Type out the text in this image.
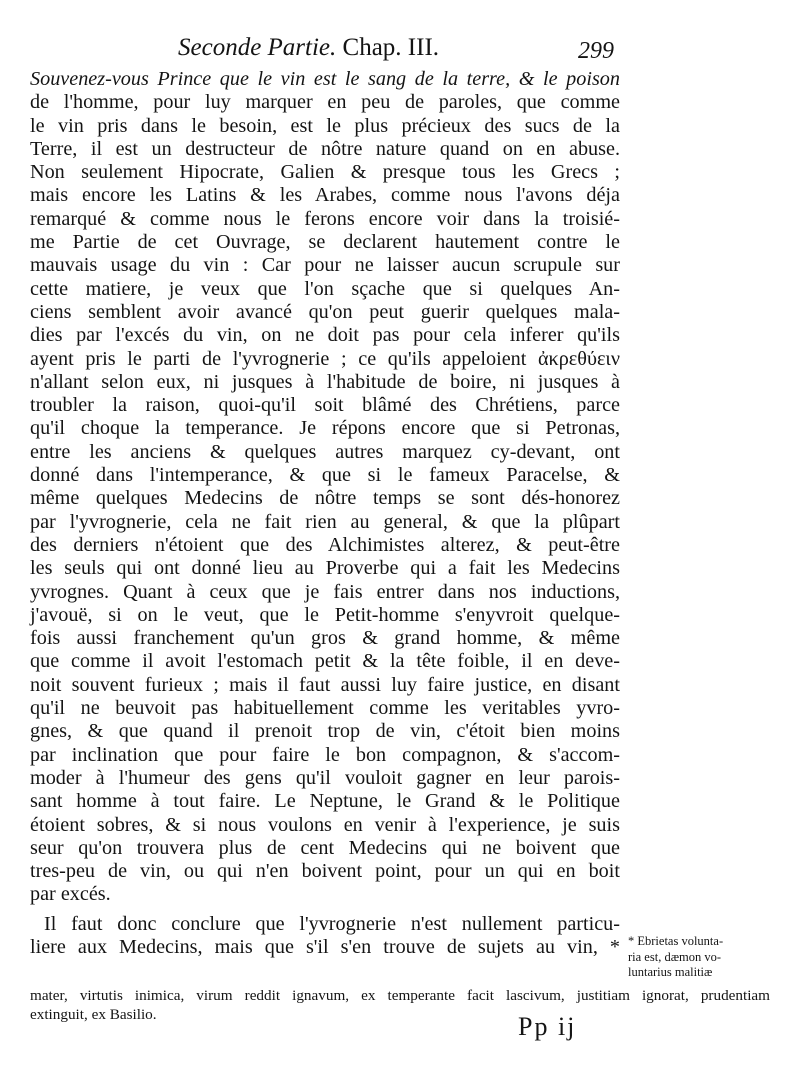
Seconde Partie. Chap. III.	299
Souvenez-vous Prince que le vin est le sang de la terre, & le poison
de l'homme, pour luy marquer en peu de paroles, que comme
le vin pris dans le besoin, est le plus précieux des sucs de la
Terre, il est un destructeur de nôtre nature quand on en abuse.
Non seulement Hipocrate, Galien & presque tous les Grecs ;
mais encore les Latins & les Arabes, comme nous l'avons déja
remarqué & comme nous le ferons encore voir dans la troisié-
me Partie de cet Ouvrage, se declarent hautement contre le
mauvais usage du vin : Car pour ne laisser aucun scrupule sur
cette matiere, je veux que l'on sçache que si quelques An-
ciens semblent avoir avancé qu'on peut guerir quelques mala-
dies par l'excés du vin, on ne doit pas pour cela inferer qu'ils
ayent pris le parti de l'yvrognerie ; ce qu'ils appeloient ἀκρεθύειν
n'allant selon eux, ni jusques à l'habitude de boire, ni jusques à
troubler la raison, quoi-qu'il soit blâmé des Chrétiens, parce
qu'il choque la temperance. Je répons encore que si Petronas,
entre les anciens & quelques autres marquez cy-devant, ont
donné dans l'intemperance, & que si le fameux Paracelse, &
même quelques Medecins de nôtre temps se sont dés-honorez
par l'yvrognerie, cela ne fait rien au general, & que la plûpart
des derniers n'étoient que des Alchimistes alterez, & peut-être
les seuls qui ont donné lieu au Proverbe qui a fait les Medecins
yvrognes. Quant à ceux que je fais entrer dans nos inductions,
j'avouë, si on le veut, que le Petit-homme s'enyvroit quelque-
fois aussi franchement qu'un gros & grand homme, & même
que comme il avoit l'estomach petit & la tête foible, il en deve-
noit souvent furieux ; mais il faut aussi luy faire justice, en disant
qu'il ne beuvoit pas habituellement comme les veritables yvro-
gnes, & que quand il prenoit trop de vin, c'étoit bien moins
par inclination que pour faire le bon compagnon, & s'accom-
moder à l'humeur des gens qu'il vouloit gagner en leur parois-
sant homme à tout faire. Le Neptune, le Grand & le Politique
étoient sobres, & si nous voulons en venir à l'experience, je suis
seur qu'on trouvera plus de cent Medecins qui ne boivent que
tres-peu de vin, ou qui n'en boivent point, pour un qui en boit
par excés.
Il faut donc conclure que l'yvrognerie n'est nullement particu-
liere aux Medecins, mais que s'il s'en trouve de sujets au vin, * * Ebrietas volunta-
ria est, dæmon vo-
luntarius malitiæ
mater, virtutis inimica, virum reddit ignavum, ex temperante facit lascivum, justitiam ignorat, prudentiam
extinguit, ex Basilio.	Pp ij
